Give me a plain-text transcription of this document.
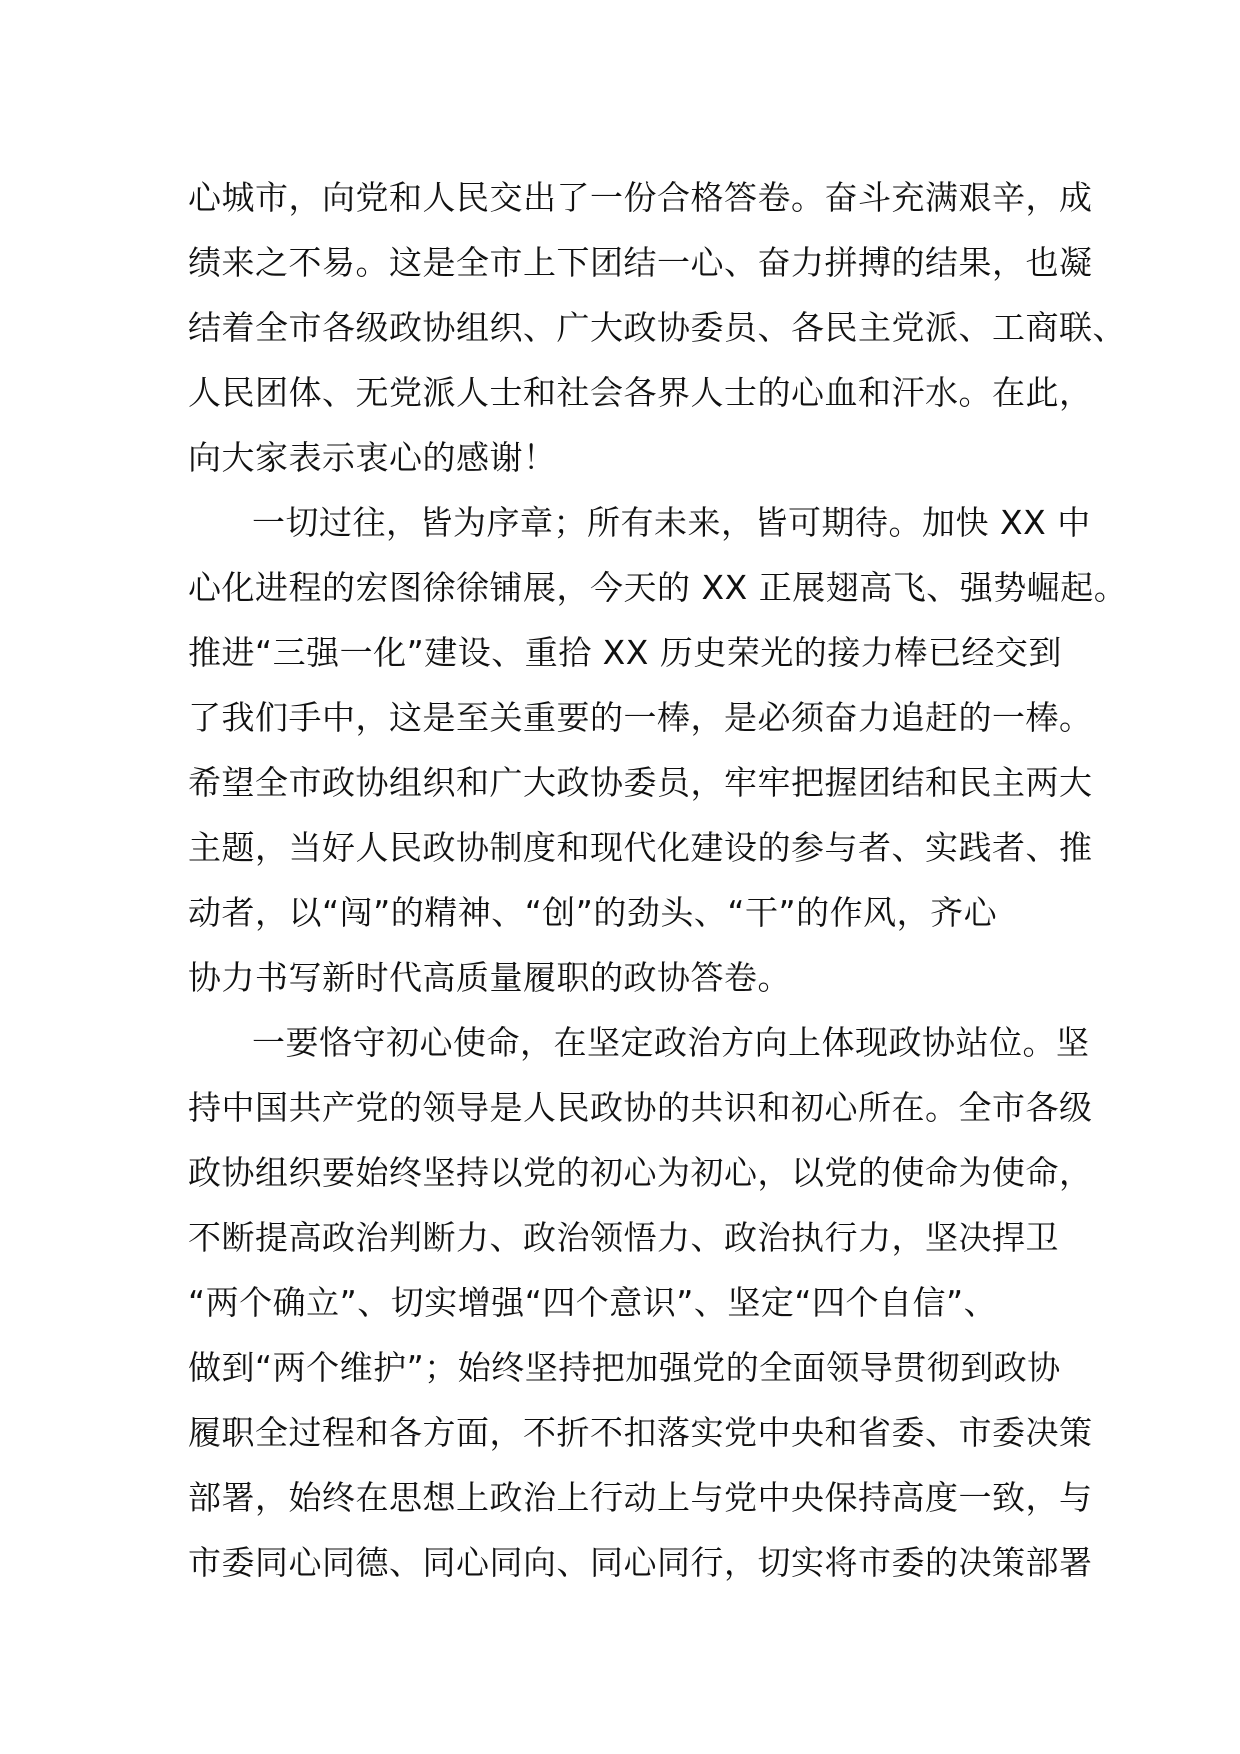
心城市，向党和人民交出了一份合格答卷。奋斗充满艰辛，成
绩来之不易。这是全市上下团结一心、奋力拼搏的结果，也凝
结着全市各级政协组织、广大政协委员、各民主党派、工商联、
人民团体、无党派人士和社会各界人士的心血和汗水。在此，
向大家表示衷心的感谢！
一切过往，皆为序章；所有未来，皆可期待。加快 XX 中
心化进程的宏图徐徐铺展，今天的 XX 正展翅高飞、强势崛起。
推进“三强一化”建设、重拾 XX 历史荣光的接力棒已经交到
了我们手中，这是至关重要的一棒，是必须奋力追赶的一棒。
希望全市政协组织和广大政协委员，牢牢把握团结和民主两大
主题，当好人民政协制度和现代化建设的参与者、实践者、推
动者，以“闯”的精神、“创”的劲头、“干”的作风，齐心
协力书写新时代高质量履职的政协答卷。
一要恪守初心使命，在坚定政治方向上体现政协站位。坚
持中国共产党的领导是人民政协的共识和初心所在。全市各级
政协组织要始终坚持以党的初心为初心，以党的使命为使命，
不断提高政治判断力、政治领悟力、政治执行力，坚决捍卫
“两个确立”、切实增强“四个意识”、坚定“四个自信”、
做到“两个维护”；始终坚持把加强党的全面领导贯彻到政协
履职全过程和各方面，不折不扣落实党中央和省委、市委决策
部署，始终在思想上政治上行动上与党中央保持高度一致，与
市委同心同德、同心同向、同心同行，切实将市委的决策部署
